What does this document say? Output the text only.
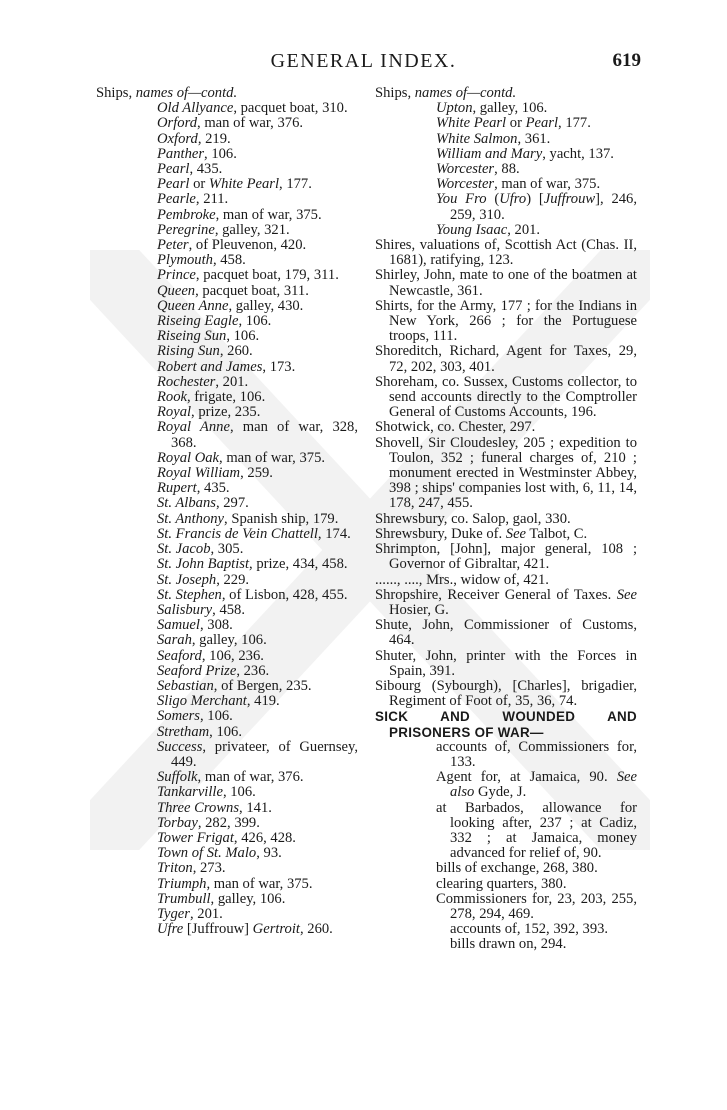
GENERAL INDEX.	619
Ships, names of—contd.
Old Allyance, pacquet boat, 310.
Orford, man of war, 376.
Oxford, 219.
Panther, 106.
Pearl, 435.
Pearl or White Pearl, 177.
Pearle, 211.
Pembroke, man of war, 375.
Peregrine, galley, 321.
Peter, of Pleuvenon, 420.
Plymouth, 458.
Prince, pacquet boat, 179, 311.
Queen, pacquet boat, 311.
Queen Anne, galley, 430.
Riseing Eagle, 106.
Riseing Sun, 106.
Rising Sun, 260.
Robert and James, 173.
Rochester, 201.
Rook, frigate, 106.
Royal, prize, 235.
Royal Anne, man of war, 328, 368.
Royal Oak, man of war, 375.
Royal William, 259.
Rupert, 435.
St. Albans, 297.
St. Anthony, Spanish ship, 179.
St. Francis de Vein Chattell, 174.
St. Jacob, 305.
St. John Baptist, prize, 434, 458.
St. Joseph, 229.
St. Stephen, of Lisbon, 428, 455.
Salisbury, 458.
Samuel, 308.
Sarah, galley, 106.
Seaford, 106, 236.
Seaford Prize, 236.
Sebastian, of Bergen, 235.
Sligo Merchant, 419.
Somers, 106.
Stretham, 106.
Success, privateer, of Guernsey, 449.
Suffolk, man of war, 376.
Tankarville, 106.
Three Crowns, 141.
Torbay, 282, 399.
Tower Frigat, 426, 428.
Town of St. Malo, 93.
Triton, 273.
Triumph, man of war, 375.
Trumbull, galley, 106.
Tyger, 201.
Ufre [Juffrouw] Gertroit, 260.
Ships, names of—contd.
Upton, galley, 106.
White Pearl or Pearl, 177.
White Salmon, 361.
William and Mary, yacht, 137.
Worcester, 88.
Worcester, man of war, 375.
You Fro (Ufro) [Juffrouw], 246, 259, 310.
Young Isaac, 201.
Shires, valuations of, Scottish Act (Chas. II, 1681), ratifying, 123.
Shirley, John, mate to one of the boatmen at Newcastle, 361.
Shirts, for the Army, 177 ; for the Indians in New York, 266 ; for the Portuguese troops, 111.
Shoreditch, Richard, Agent for Taxes, 29, 72, 202, 303, 401.
Shoreham, co. Sussex, Customs collector, to send accounts directly to the Comptroller General of Customs Accounts, 196.
Shotwick, co. Chester, 297.
Shovell, Sir Cloudesley, 205 ; expedition to Toulon, 352 ; funeral charges of, 210 ; monument erected in Westminster Abbey, 398 ; ships' companies lost with, 6, 11, 14, 178, 247, 455.
Shrewsbury, co. Salop, gaol, 330.
Shrewsbury, Duke of. See Talbot, C.
Shrimpton, [John], major general, 108 ; Governor of Gibraltar, 421.
......, ...., Mrs., widow of, 421.
Shropshire, Receiver General of Taxes. See Hosier, G.
Shute, John, Commissioner of Customs, 464.
Shuter, John, printer with the Forces in Spain, 391.
Sibourg (Sybourgh), [Charles], brigadier, Regiment of Foot of, 35, 36, 74.
SICK AND WOUNDED AND PRISONERS OF WAR—
accounts of, Commissioners for, 133.
Agent for, at Jamaica, 90. See also Gyde, J.
at Barbados, allowance for looking after, 237 ; at Cadiz, 332 ; at Jamaica, money advanced for relief of, 90.
bills of exchange, 268, 380.
clearing quarters, 380.
Commissioners for, 23, 203, 255, 278, 294, 469.
accounts of, 152, 392, 393.
bills drawn on, 294.
